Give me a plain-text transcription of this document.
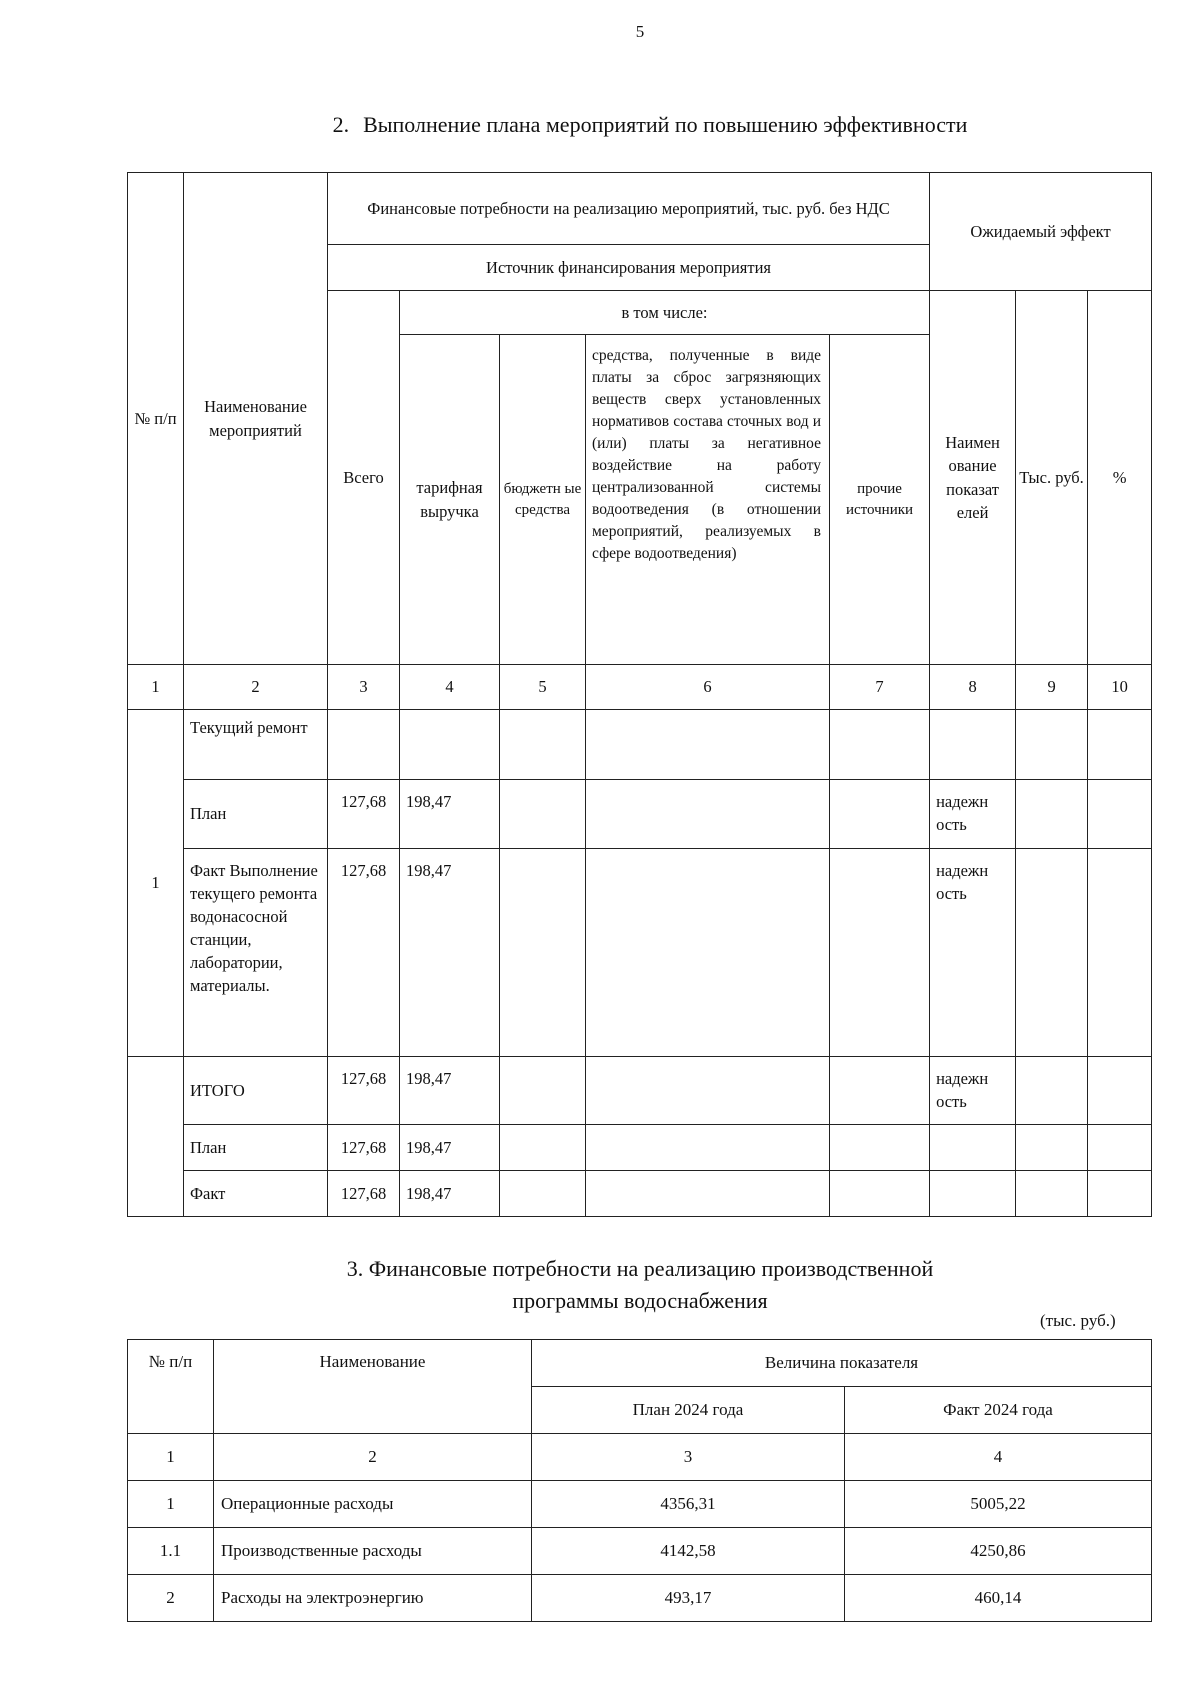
5
2. Выполнение плана мероприятий по повышению эффективности
№ п/п	Наименование мероприятий	Финансовые потребности на реализацию мероприятий, тыс. руб. без НДС					Ожидаемый эффект		
		Источник финансирования мероприятия							
		Всего	в том числе:				Наимен ование показат елей	Тыс. руб.	%
			тарифная выручка	бюджетн ые средства	средства, полученные в виде платы за сброс загрязняющих веществ сверх установленных нормативов состава сточных вод и (или) платы за негативное воздействие на работу централизованной системы водоотведения (в отношении мероприятий, реализуемых в сфере водоотведения)	прочие источники			
1	2	3	4	5	6	7	8	9	10
1	Текущий ремонт								
	План	127,68	198,47				надежн ость		
	Факт Выполнение текущего ремонта водонасосной станции, лаборатории, материалы.	127,68	198,47				надежн ость		
	ИТОГО	127,68	198,47				надежн ость		
	План	127,68	198,47						
	Факт	127,68	198,47						
3. Финансовые потребности на реализацию производственной
программы водоснабжения
(тыс. руб.)
№ п/п	Наименование	Величина показателя	
		План 2024 года	Факт 2024 года
1	2	3	4
1	Операционные расходы	4356,31	5005,22
1.1	Производственные расходы	4142,58	4250,86
2	Расходы на электроэнергию	493,17	460,14
